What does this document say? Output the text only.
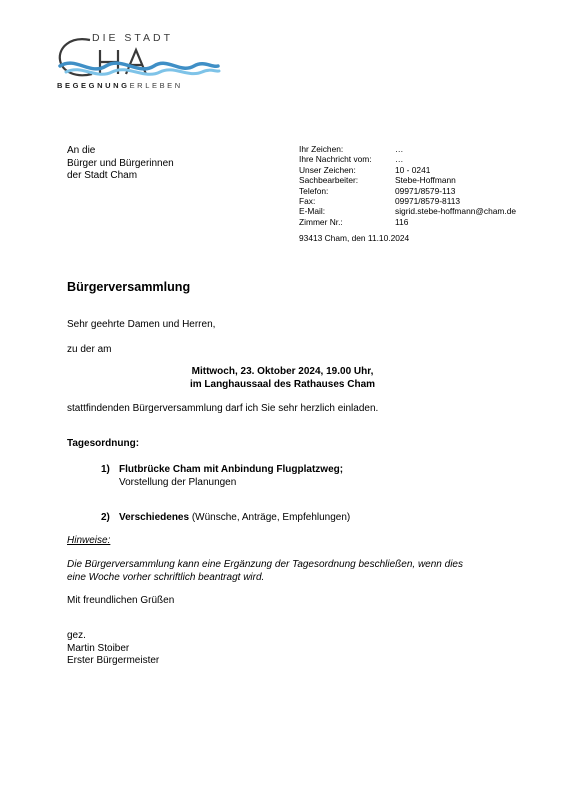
DIE STADT
BEGEGNUNGERLEBEN
An die
Bürger und Bürgerinnen
der Stadt Cham
Ihr Zeichen:	…
Ihre Nachricht vom:	…
Unser Zeichen:	10 - 0241
Sachbearbeiter:	Stebe-Hoffmann
Telefon:	09971/8579-113
Fax:	09971/8579-8113
E-Mail:	sigrid.stebe-hoffmann@cham.de
Zimmer Nr.:	116
93413 Cham, den 11.10.2024
Bürgerversammlung
Sehr geehrte Damen und Herren,
zu der am
Mittwoch, 23. Oktober 2024, 19.00 Uhr,
im Langhaussaal des Rathauses Cham
stattfindenden Bürgerversammlung darf ich Sie sehr herzlich einladen.
Tagesordnung:
1) Flutbrücke Cham mit Anbindung Flugplatzweg;
Vorstellung der Planungen
2) Verschiedenes (Wünsche, Anträge, Empfehlungen)
Hinweise:
Die Bürgerversammlung kann eine Ergänzung der Tagesordnung beschließen, wenn dies
eine Woche vorher schriftlich beantragt wird.
Mit freundlichen Grüßen
gez.
Martin Stoiber
Erster Bürgermeister
